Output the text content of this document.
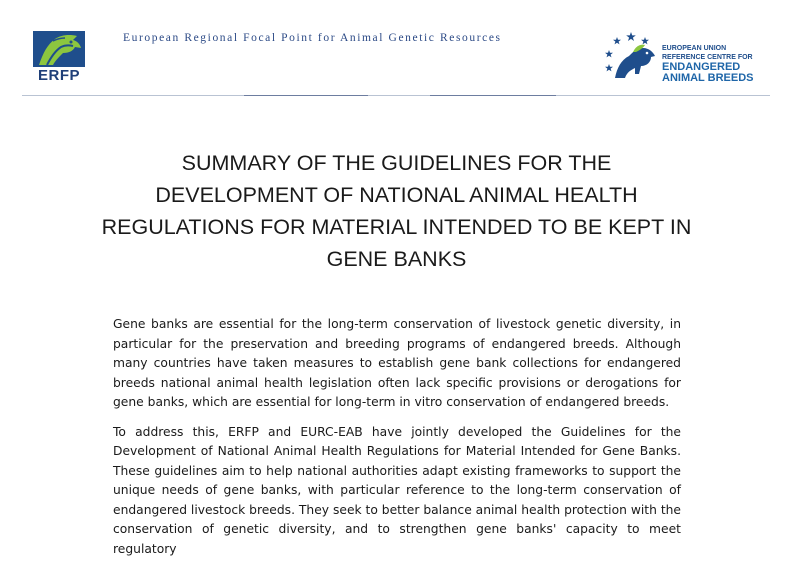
ERFP
European Regional Focal Point for Animal Genetic Resources
EUROPEAN UNION
REFERENCE CENTRE FOR
ENDANGERED
ANIMAL BREEDS
SUMMARY OF THE GUIDELINES FOR THE DEVELOPMENT OF NATIONAL ANIMAL HEALTH REGULATIONS FOR MATERIAL INTENDED TO BE KEPT IN GENE BANKS

Gene banks are essential for the long-term conservation of livestock genetic diversity, in particular for the preservation and breeding programs of endangered breeds. Although many countries have taken measures to establish gene bank collections for endangered breeds national animal health legislation often lack specific provisions or derogations for gene banks, which are essential for long-term in vitro conservation of endangered breeds.

To address this, ERFP and EURC-EAB have jointly developed the Guidelines for the Development of National Animal Health Regulations for Material Intended for Gene Banks. These guidelines aim to help national authorities adapt existing frameworks to support the unique needs of gene banks, with particular reference to the long-term conservation of endangered livestock breeds. They seek to better balance animal health protection with the conservation of genetic diversity, and to strengthen gene banks' capacity to meet regulatory
